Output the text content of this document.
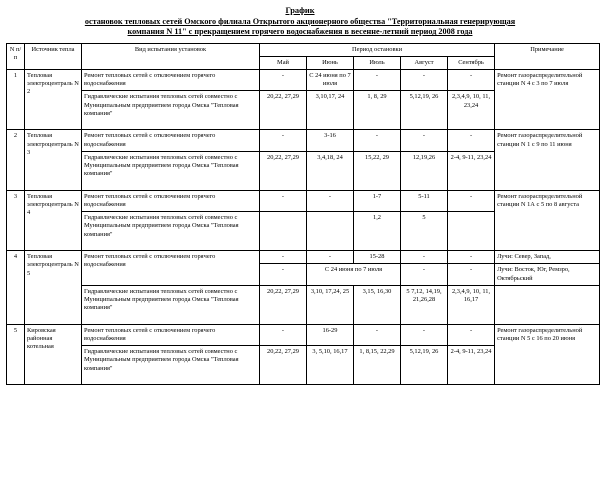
График
остановок тепловых сетей Омского филиала Открытого акционерного общества "Территориальная генерирующая
компания N 11" с прекращением горячего водоснабжения в весенне-летний период 2008 года
N п/п	Источник тепла	Вид испытания установок	Период остановки					Примечание
			Май	Июнь	Июль	Август	Сентябрь	
1	Тепловая электроцентраль N 2	Ремонт тепловых сетей с отключением горячего водоснабжения	-	С 24 июня по 7 июля	-	-	-	Ремонт газораспределительной станции N 4 с 3 по 7 июля
		Гидравлические испытания тепловых сетей совместно с Муниципальным предприятием города Омска "Тепловая компания"	20,22, 27,29	3,10,17, 24	1, 8, 29	5,12,19, 26	2,3,4,9, 10, 11, 23,24	
2	Тепловая электроцентраль N 3	Ремонт тепловых сетей с отключением горячего водоснабжения	-	3-16	-	-	-	Ремонт газораспределительной станции N 1 с 9 по 11 июня
		Гидравлические испытания тепловых сетей совместно с Муниципальным предприятием города Омска "Тепловая компания"	20,22, 27,29	3,4,18, 24	15,22, 29	12,19,26	2-4, 9-11, 23,24	
3	Тепловая электроцентраль N 4	Ремонт тепловых сетей с отключением горячего водоснабжения	-	-	1-7	5-11	-	Ремонт газораспределительной станции N 1А с 5 по 8 августа
		Гидравлические испытания тепловых сетей совместно с Муниципальным предприятием города Омска "Тепловая компания"			1,2	5		
4	Тепловая электроцентраль N 5	Ремонт тепловых сетей с отключением горячего водоснабжения	-	-	15-28	-	-	Лучи: Север, Запад,
			-	С 24 июня по 7 июля		-	-	Лучи: Восток, Юг, Ремзро, Октябрьский
		Гидравлические испытания тепловых сетей совместно с Муниципальным предприятием города Омска "Тепловая компания"	20,22, 27,29	3,10, 17,24, 25	3,15, 16,30	5 7,12, 14,19, 21,26,28	2,3,4,9, 10, 11, 16,17	
5	Кировская районная котельная	Ремонт тепловых сетей с отключением горячего водоснабжения	-	16-29	-	-	-	Ремонт газораспределительной станции N 5 с 16 по 20 июня
		Гидравлические испытания тепловых сетей совместно с Муниципальным предприятием города Омска "Тепловая компания"	20,22, 27,29	3, 5,10, 16,17	1, 8,15, 22,29	5,12,19, 26	2-4, 9-11, 23,24	
